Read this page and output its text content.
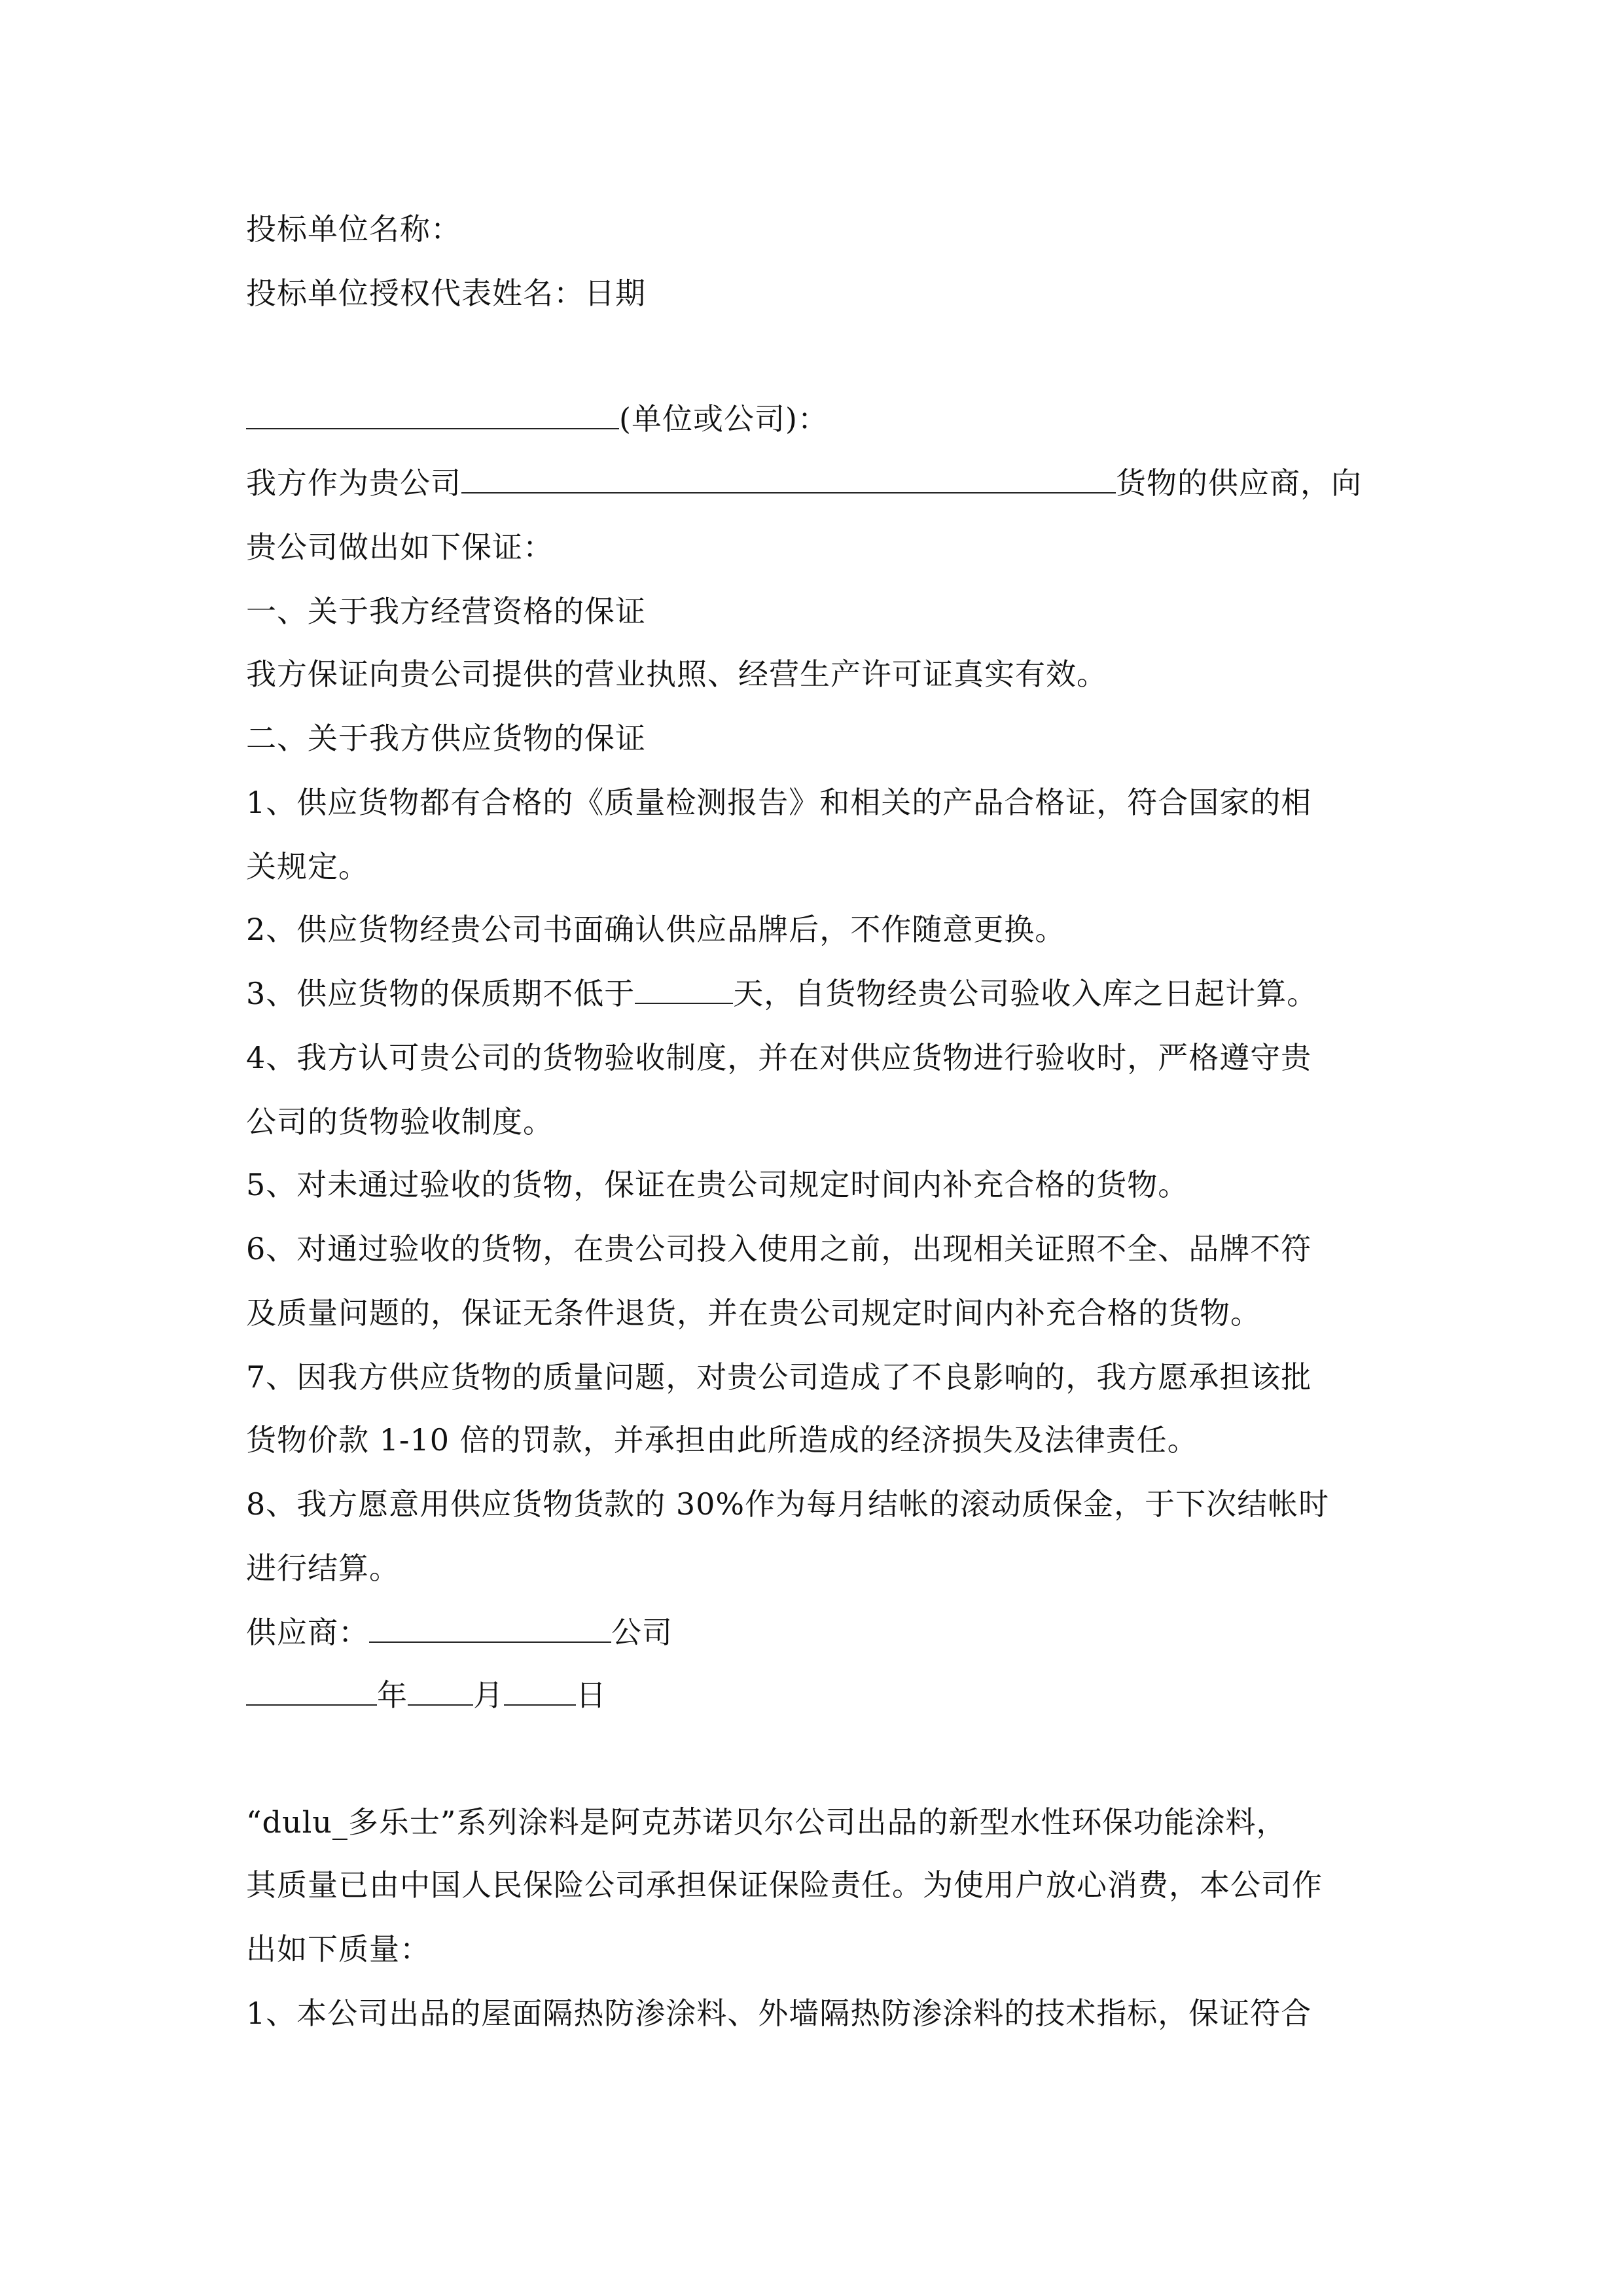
投标单位名称：
投标单位授权代表姓名：日期
(单位或公司)：
我方作为贵公司	货物的供应商，向
贵公司做出如下保证：
一、关于我方经营资格的保证
我方保证向贵公司提供的营业执照、经营生产许可证真实有效。
二、关于我方供应货物的保证
1、供应货物都有合格的《质量检测报告》和相关的产品合格证，符合国家的相
关规定。
2、供应货物经贵公司书面确认供应品牌后，不作随意更换。
3、供应货物的保质期不低于	天，自货物经贵公司验收入库之日起计算。
4、我方认可贵公司的货物验收制度，并在对供应货物进行验收时，严格遵守贵
公司的货物验收制度。
5、对未通过验收的货物，保证在贵公司规定时间内补充合格的货物。
6、对通过验收的货物，在贵公司投入使用之前，出现相关证照不全、品牌不符
及质量问题的，保证无条件退货，并在贵公司规定时间内补充合格的货物。
7、因我方供应货物的质量问题，对贵公司造成了不良影响的，我方愿承担该批
货物价款 1-10 倍的罚款，并承担由此所造成的经济损失及法律责任。
8、我方愿意用供应货物货款的 30%作为每月结帐的滚动质保金，于下次结帐时
进行结算。
供应商：	公司
年 月 日
“dulu_多乐士”系列涂料是阿克苏诺贝尔公司出品的新型水性环保功能涂料，
其质量已由中国人民保险公司承担保证保险责任。为使用户放心消费，本公司作
出如下质量：
1、本公司出品的屋面隔热防渗涂料、外墙隔热防渗涂料的技术指标，保证符合
